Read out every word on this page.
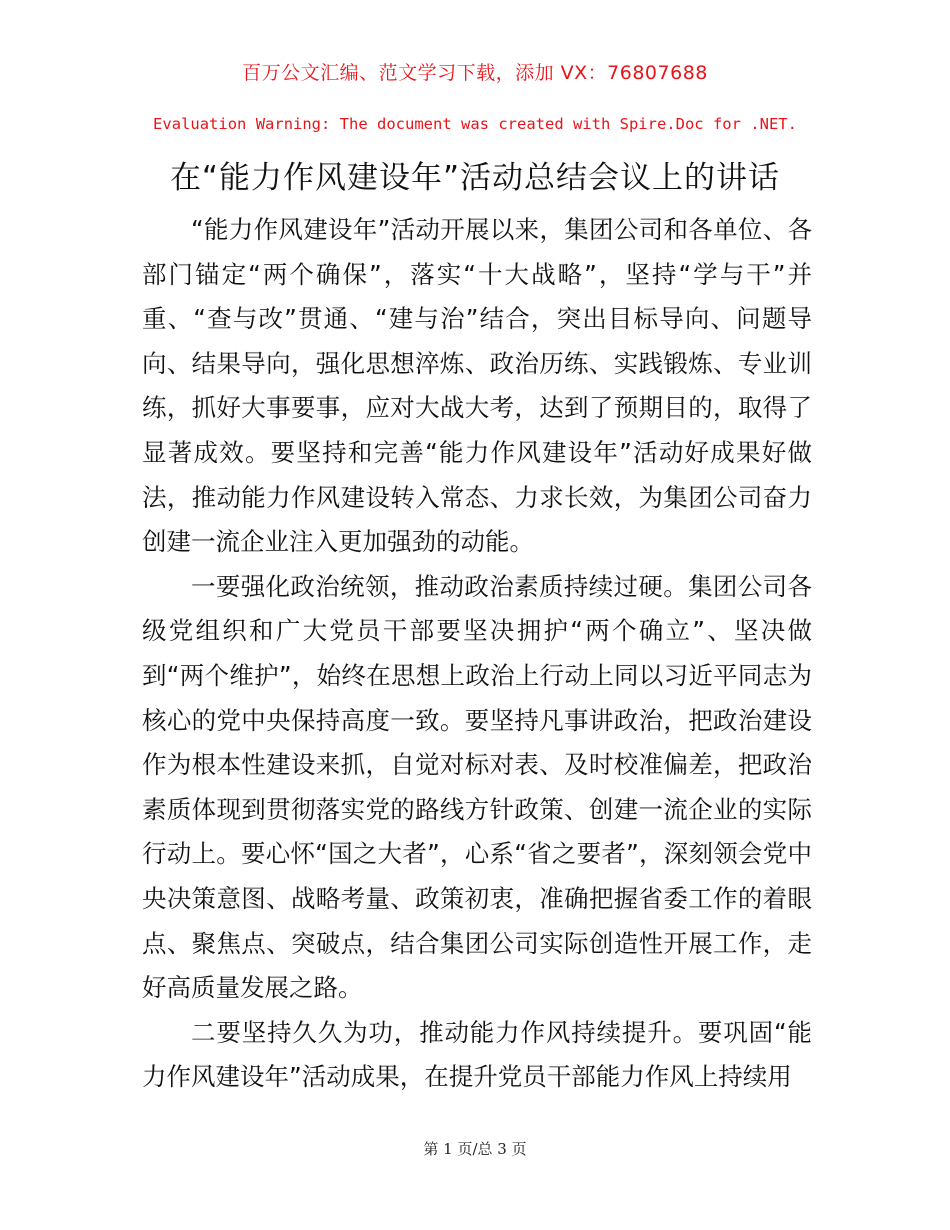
百万公文汇编、范文学习下载，添加 VX：76807688
Evaluation Warning: The document was created with Spire.Doc for .NET.
在“能力作风建设年”活动总结会议上的讲话

“能力作风建设年”活动开展以来，集团公司和各单位、各部门锚定“两个确保”，落实“十大战略”，坚持“学与干”并重、“查与改”贯通、“建与治”结合，突出目标导向、问题导向、结果导向，强化思想淬炼、政治历练、实践锻炼、专业训练，抓好大事要事，应对大战大考，达到了预期目的，取得了显著成效。要坚持和完善“能力作风建设年”活动好成果好做法，推动能力作风建设转入常态、力求长效，为集团公司奋力创建一流企业注入更加强劲的动能。

一要强化政治统领，推动政治素质持续过硬。集团公司各级党组织和广大党员干部要坚决拥护“两个确立”、坚决做到“两个维护”，始终在思想上政治上行动上同以习近平同志为核心的党中央保持高度一致。要坚持凡事讲政治，把政治建设作为根本性建设来抓，自觉对标对表、及时校准偏差，把政治素质体现到贯彻落实党的路线方针政策、创建一流企业的实际行动上。要心怀“国之大者”，心系“省之要者”，深刻领会党中央决策意图、战略考量、政策初衷，准确把握省委工作的着眼点、聚焦点、突破点，结合集团公司实际创造性开展工作，走好高质量发展之路。

二要坚持久久为功，推动能力作风持续提升。要巩固“能力作风建设年”活动成果，在提升党员干部能力作风上持续用

第 1 页/总 3 页
